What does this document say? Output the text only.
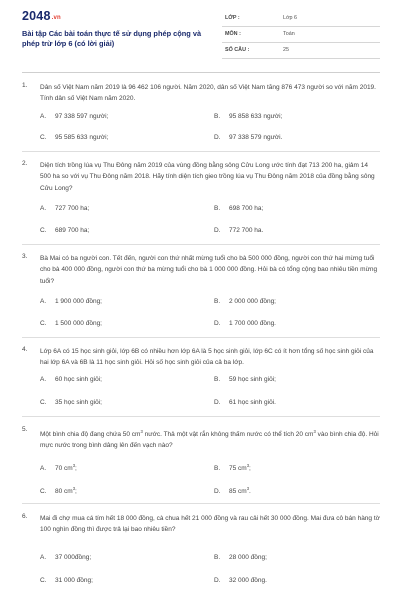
2048.vn
Bài tập Các bài toán thực tế sử dụng phép cộng và phép trừ lớp 6 (có lời giải)
LỚP :	Lớp 6
MÔN :	Toán
SỐ CÂU :	25
1. Dân số Việt Nam năm 2019 là 96 462 106 người. Năm 2020, dân số Việt Nam tăng 876 473 người so với năm 2019. Tính dân số Việt Nam năm 2020.
A. 97 338 597 người;	B. 95 858 633 người;
C. 95 585 633 người;	D. 97 338 579 người.
2. Diện tích trồng lúa vụ Thu Đông năm 2019 của vùng đồng bằng sông Cửu Long ước tính đạt 713 200 ha, giảm 14 500 ha so với vụ Thu Đông năm 2018. Hãy tính diện tích gieo trồng lúa vụ Thu Đông năm 2018 của đồng bằng sông Cửu Long?
A. 727 700 ha;	B. 698 700 ha;
C. 689 700 ha;	D. 772 700 ha.
3. Bà Mai có ba người con. Tết đến, người con thứ nhất mừng tuổi cho bà 500 000 đồng, người con thứ hai mừng tuổi cho bà 400 000 đồng, người con thứ ba mừng tuổi cho bà 1 000 000 đồng. Hỏi bà có tổng cộng bao nhiêu tiền mừng tuổi?
A. 1 900 000 đồng;	B. 2 000 000 đồng;
C. 1 500 000 đồng;	D. 1 700 000 đồng.
4. Lớp 6A có 15 học sinh giỏi, lớp 6B có nhiều hơn lớp 6A là 5 học sinh giỏi, lớp 6C có ít hơn tổng số học sinh giỏi của hai lớp 6A và 6B là 11 học sinh giỏi. Hỏi số học sinh giỏi của cả ba lớp.
A. 60 học sinh giỏi;	B. 59 học sinh giỏi;
C. 35 học sinh giỏi;	D. 61 học sinh giỏi.
5.
Một bình chia độ đang chứa 50 $cm^3$ nước. Thả một vật rắn không thấm nước có thể tích 20 $cm^3$ vào bình chia độ. Hỏi mực nước trong bình dâng lên đến vạch nào?
A. 70 $cm^3$;	B. 75 $cm^3$;
C. 80 $cm^3$;	D. 85 $cm^3$.
6. Mai đi chợ mua cá tím hết 18 000 đồng, cà chua hết 21 000 đồng và rau cải hết 30 000 đồng. Mai đưa cô bán hàng tờ 100 nghìn đồng thì được trả lại bao nhiêu tiền?
A. 37 000đồng;	B. 28 000 đồng;
C. 31 000 đồng;	D. 32 000 đồng.
